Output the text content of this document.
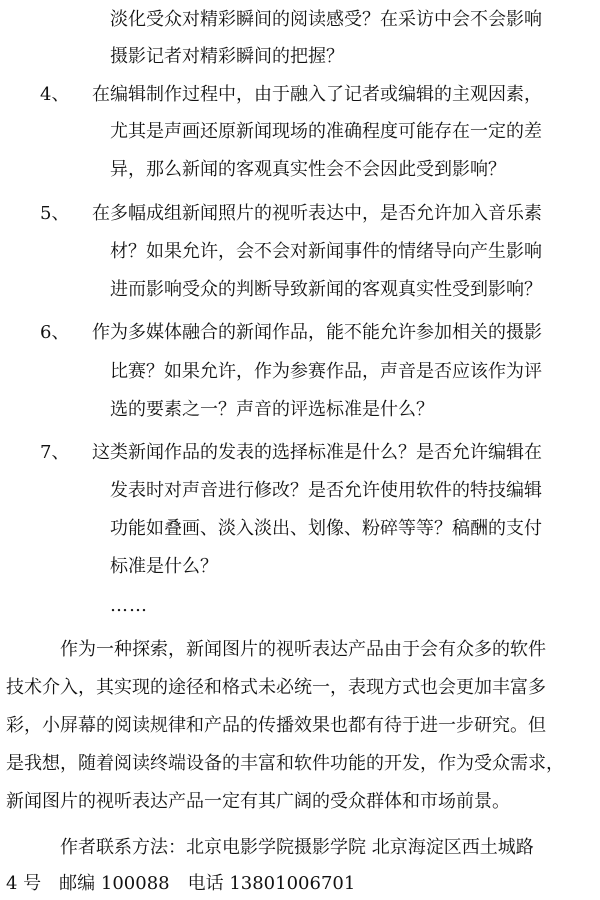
淡化受众对精彩瞬间的阅读感受？在采访中会不会影响
摄影记者对精彩瞬间的把握？
4、 在编辑制作过程中，由于融入了记者或编辑的主观因素，
尤其是声画还原新闻现场的准确程度可能存在一定的差
异，那么新闻的客观真实性会不会因此受到影响？
5、 在多幅成组新闻照片的视听表达中，是否允许加入音乐素
材？如果允许，会不会对新闻事件的情绪导向产生影响
进而影响受众的判断导致新闻的客观真实性受到影响？
6、 作为多媒体融合的新闻作品，能不能允许参加相关的摄影
比赛？如果允许，作为参赛作品，声音是否应该作为评
选的要素之一？声音的评选标准是什么？
7、 这类新闻作品的发表的选择标准是什么？是否允许编辑在
发表时对声音进行修改？是否允许使用软件的特技编辑
功能如叠画、淡入淡出、划像、粉碎等等？稿酬的支付
标准是什么？
……
作为一种探索，新闻图片的视听表达产品由于会有众多的软件
技术介入，其实现的途径和格式未必统一，表现方式也会更加丰富多
彩，小屏幕的阅读规律和产品的传播效果也都有待于进一步研究。但
是我想，随着阅读终端设备的丰富和软件功能的开发，作为受众需求，
新闻图片的视听表达产品一定有其广阔的受众群体和市场前景。
作者联系方法：北京电影学院摄影学院 北京海淀区西土城路
4 号　邮编 100088　电话 13801006701
